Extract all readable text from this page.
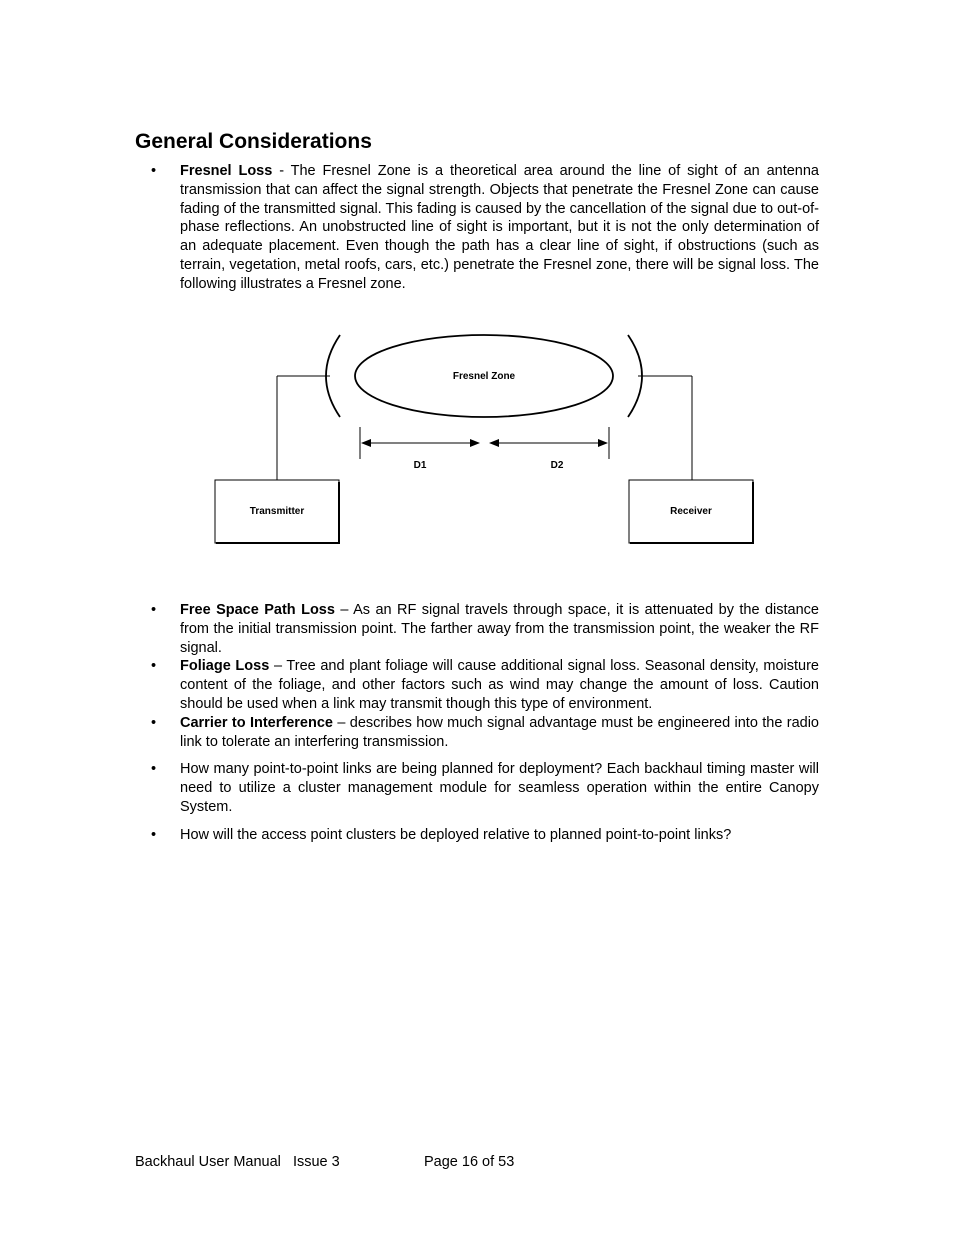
General Considerations
• Fresnel Loss - The Fresnel Zone is a theoretical area around the line of sight of an antenna transmission that can affect the signal strength. Objects that penetrate the Fresnel Zone can cause fading of the transmitted signal. This fading is caused by the cancellation of the signal due to out-of-phase reflections. An unobstructed line of sight is important, but it is not the only determination of an adequate placement. Even though the path has a clear line of sight, if obstructions (such as terrain, vegetation, metal roofs, cars, etc.) penetrate the Fresnel zone, there will be signal loss. The following illustrates a Fresnel zone.
Fresnel Zone
D1	D2
Transmitter	Receiver
• Free Space Path Loss – As an RF signal travels through space, it is attenuated by the distance from the initial transmission point. The farther away from the transmission point, the weaker the RF signal.
• Foliage Loss – Tree and plant foliage will cause additional signal loss. Seasonal density, moisture content of the foliage, and other factors such as wind may change the amount of loss. Caution should be used when a link may transmit though this type of environment.
• Carrier to Interference – describes how much signal advantage must be engineered into the radio link to tolerate an interfering transmission.
• How many point-to-point links are being planned for deployment? Each backhaul timing master will need to utilize a cluster management module for seamless operation within the entire Canopy System.
• How will the access point clusters be deployed relative to planned point-to-point links?
Backhaul User Manual   Issue 3	Page 16 of 53
